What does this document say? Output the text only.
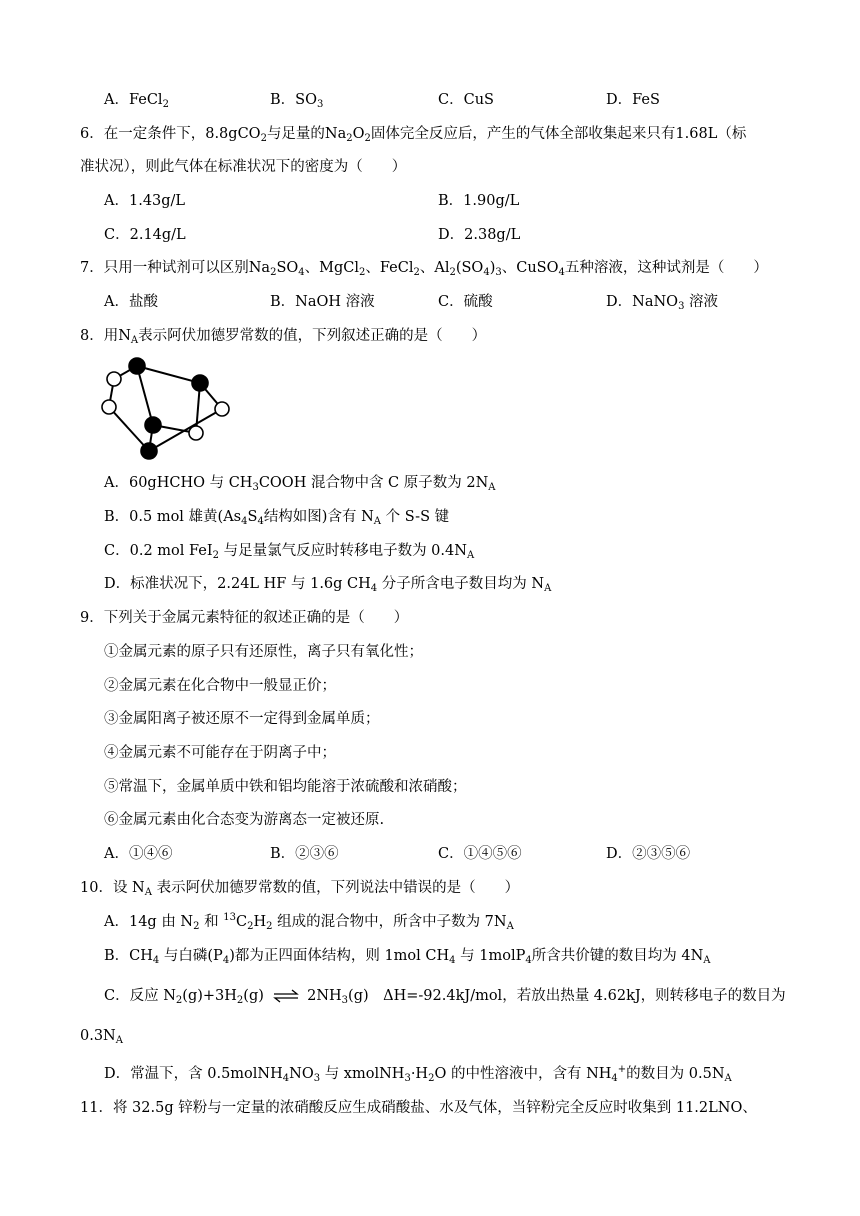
A．FeCl$_2$	B．$SO_3$	C．CuS	D．FeS
6．在一定条件下，8.8gCO$_2$与足量的$Na_2O_2$固体完全反应后，产生的气体全部收集起来只有1.68L（标
准状况），则此气体在标准状况下的密度为（　　）
A．1.43g/L	B．1.90g/L
C．2.14g/L	D．2.38g/L
7．只用一种试剂可以区别$Na_2SO_4$、MgCl$_2$、FeCl$_2$、$Al_2(SO_4)_3$、CuSO$_4$五种溶液，这种试剂是（　　）
A．盐酸	B．NaOH 溶液	C．硫酸	D．NaNO$_3$ 溶液
8．用$N_A$表示阿伏加德罗常数的值，下列叙述正确的是（　　）
A．60gHCHO 与 $CH_3COOH$ 混合物中含 C 原子数为 $2N_A$
B．0.5 mol 雄黄($As_4S_4$结构如图)含有 $N_A$ 个 S-S 键
C．0.2 mol FeI$_2$ 与足量氯气反应时转移电子数为 $0.4N_A$
D．标准状况下，2.24L HF 与 1.6g $CH_4$ 分子所含电子数目均为 $N_A$
9．下列关于金属元素特征的叙述正确的是（　　）
①金属元素的原子只有还原性，离子只有氧化性；
②金属元素在化合物中一般显正价；
③金属阳离子被还原不一定得到金属单质；
④金属元素不可能存在于阴离子中；
⑤常温下，金属单质中铁和铝均能溶于浓硫酸和浓硝酸；
⑥金属元素由化合态变为游离态一定被还原.
A．①④⑥	B．②③⑥	C．①④⑤⑥	D．②③⑤⑥
10．设 $N_A$ 表示阿伏加德罗常数的值，下列说法中错误的是（　　）
A．14g 由 $N_2$ 和 $^{13}C_2H_2$ 组成的混合物中，所含中子数为 $7N_A$
B．$CH_4$ 与白磷$(P_4)$都为正四面体结构，则 1mol $CH_4$ 与 1molP$_4$所含共价键的数目均为 $4N_A$
C．反应 $N_2(g)+3H_2(g)$ ⇌ $2NH_3(g)$　ΔH=-92.4kJ/mol，若放出热量 4.62kJ，则转移电子的数目为
$0.3N_A$
D．常温下，含 $0.5molNH_4NO_3$ 与 $xmolNH_3\cdot H_2O$ 的中性溶液中，含有 $NH_4^+$的数目为 $0.5N_A$
11．将 32.5g 锌粉与一定量的浓硝酸反应生成硝酸盐、水及气体，当锌粉完全反应时收集到 11.2LNO、
